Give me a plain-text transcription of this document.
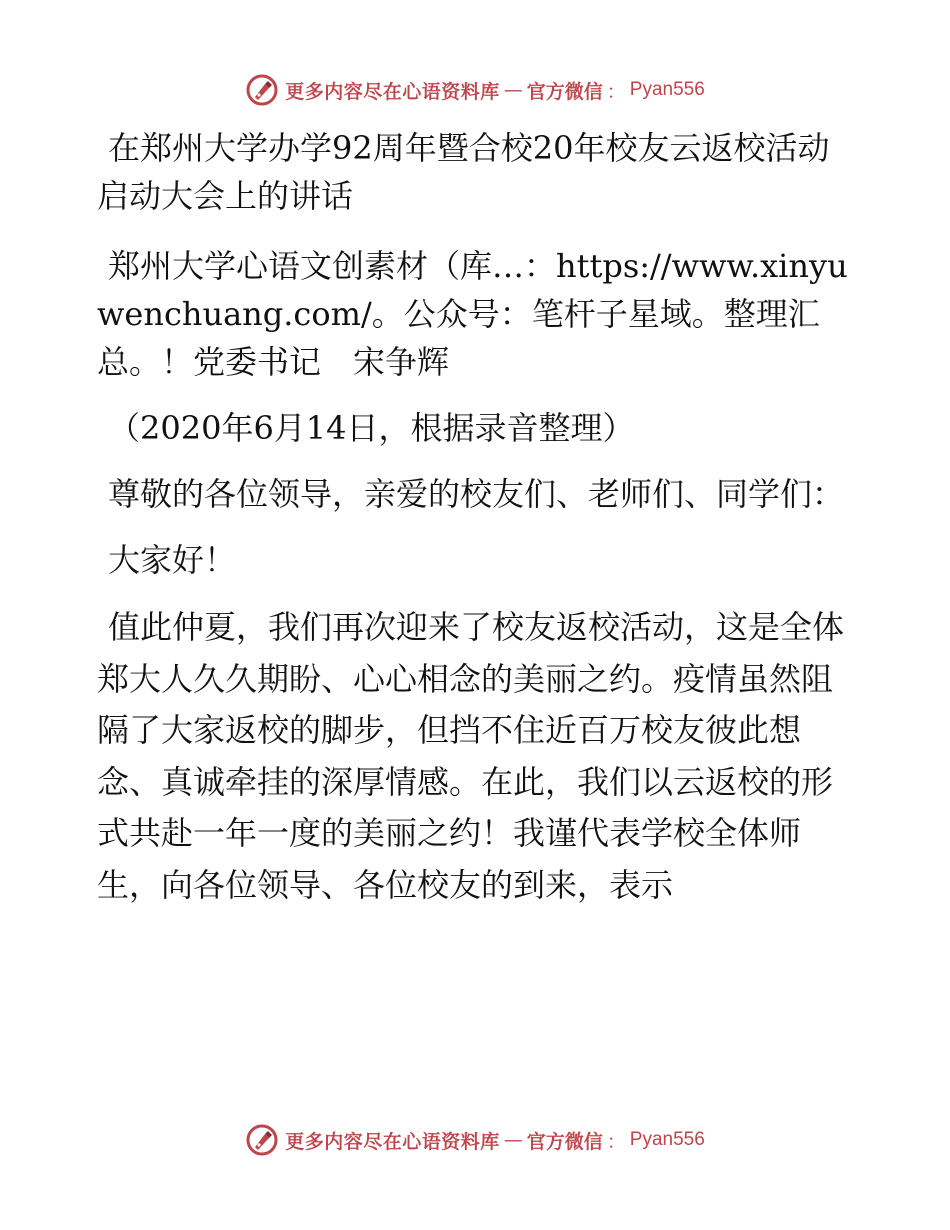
更多内容尽在心语资料库 — 官方微信 ： Pyan556

在郑州大学办学92周年暨合校20年校友云返校活动启动大会上的讲话

郑州大学心语文创素材（库…：https://www.xinyuwenchuang.com/。公众号：笔杆子星域。整理汇总。！党委书记　宋争辉

（2020年6月14日，根据录音整理）

尊敬的各位领导，亲爱的校友们、老师们、同学们：

大家好！

值此仲夏，我们再次迎来了校友返校活动，这是全体郑大人久久期盼、心心相念的美丽之约。疫情虽然阻隔了大家返校的脚步，但挡不住近百万校友彼此想念、真诚牵挂的深厚情感。在此，我们以云返校的形式共赴一年一度的美丽之约！我谨代表学校全体师生，向各位领导、各位校友的到来，表示

更多内容尽在心语资料库 — 官方微信 ： Pyan556
